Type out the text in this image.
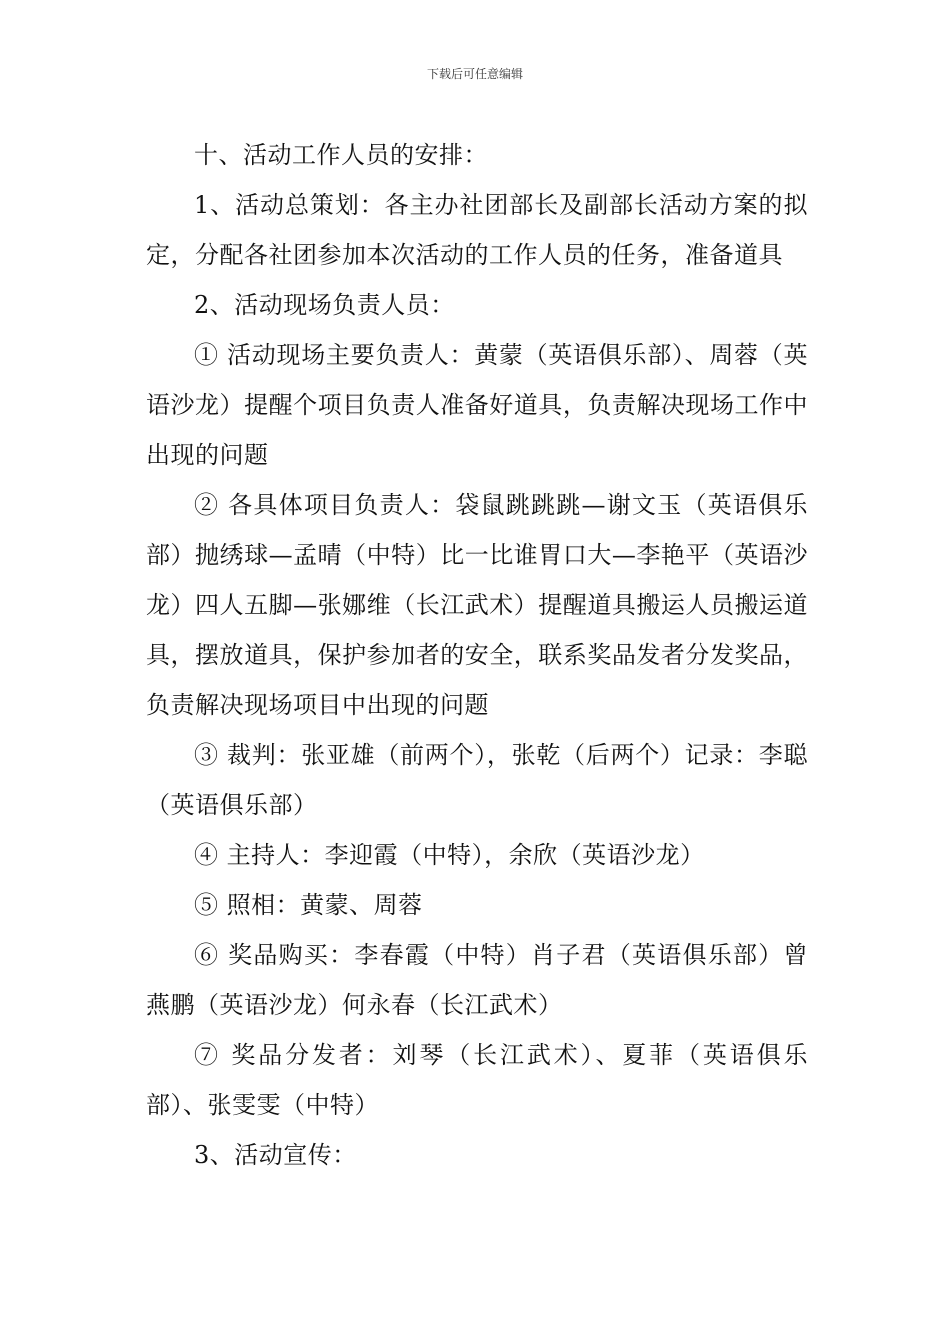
下载后可任意编辑

十、活动工作人员的安排：

1、活动总策划：各主办社团部长及副部长活动方案的拟定，分配各社团参加本次活动的工作人员的任务，准备道具

2、活动现场负责人员：

① 活动现场主要负责人：黄蒙（英语俱乐部）、周蓉（英语沙龙）提醒个项目负责人准备好道具，负责解决现场工作中出现的问题

② 各具体项目负责人：袋鼠跳跳跳—谢文玉（英语俱乐部）抛绣球—孟晴（中特）比一比谁胃口大—李艳平（英语沙龙）四人五脚—张娜维（长江武术）提醒道具搬运人员搬运道具，摆放道具，保护参加者的安全，联系奖品发者分发奖品，负责解决现场项目中出现的问题

③ 裁判：张亚雄（前两个），张乾（后两个）记录：李聪（英语俱乐部）

④ 主持人：李迎霞（中特），余欣（英语沙龙）

⑤ 照相：黄蒙、周蓉

⑥ 奖品购买：李春霞（中特）肖子君（英语俱乐部）曾燕鹏（英语沙龙）何永春（长江武术）

⑦ 奖品分发者：刘琴（长江武术）、夏菲（英语俱乐部）、张雯雯（中特）

3、活动宣传：
